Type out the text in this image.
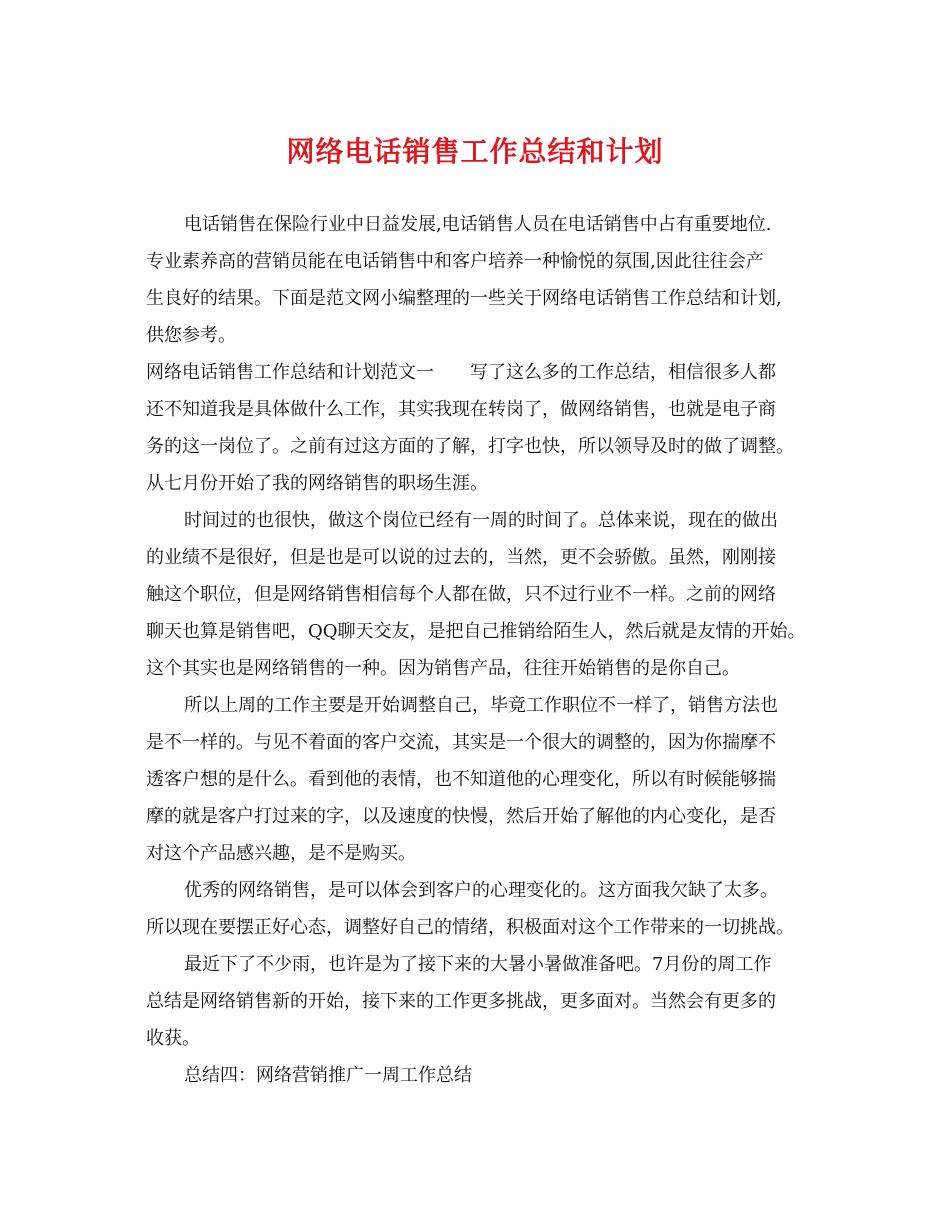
网络电话销售工作总结和计划
电话销售在保险行业中日益发展,电话销售人员在电话销售中占有重要地位.
专业素养高的营销员能在电话销售中和客户培养一种愉悦的氛围,因此往往会产
生良好的结果。下面是范文网小编整理的一些关于网络电话销售工作总结和计划,
供您参考。
网络电话销售工作总结和计划范文一 写了这么多的工作总结，相信很多人都
还不知道我是具体做什么工作，其实我现在转岗了，做网络销售，也就是电子商
务的这一岗位了。之前有过这方面的了解，打字也快，所以领导及时的做了调整。
从七月份开始了我的网络销售的职场生涯。
时间过的也很快，做这个岗位已经有一周的时间了。总体来说，现在的做出
的业绩不是很好，但是也是可以说的过去的，当然，更不会骄傲。虽然，刚刚接
触这个职位，但是网络销售相信每个人都在做，只不过行业不一样。之前的网络
聊天也算是销售吧，QQ聊天交友，是把自己推销给陌生人，然后就是友情的开始。
这个其实也是网络销售的一种。因为销售产品，往往开始销售的是你自己。
所以上周的工作主要是开始调整自己，毕竟工作职位不一样了，销售方法也
是不一样的。与见不着面的客户交流，其实是一个很大的调整的，因为你揣摩不
透客户想的是什么。看到他的表情，也不知道他的心理变化，所以有时候能够揣
摩的就是客户打过来的字，以及速度的快慢，然后开始了解他的内心变化，是否
对这个产品感兴趣，是不是购买。
优秀的网络销售，是可以体会到客户的心理变化的。这方面我欠缺了太多。
所以现在要摆正好心态，调整好自己的情绪，积极面对这个工作带来的一切挑战。
最近下了不少雨，也许是为了接下来的大暑小暑做准备吧。7月份的周工作
总结是网络销售新的开始，接下来的工作更多挑战，更多面对。当然会有更多的
收获。
总结四：网络营销推广一周工作总结
